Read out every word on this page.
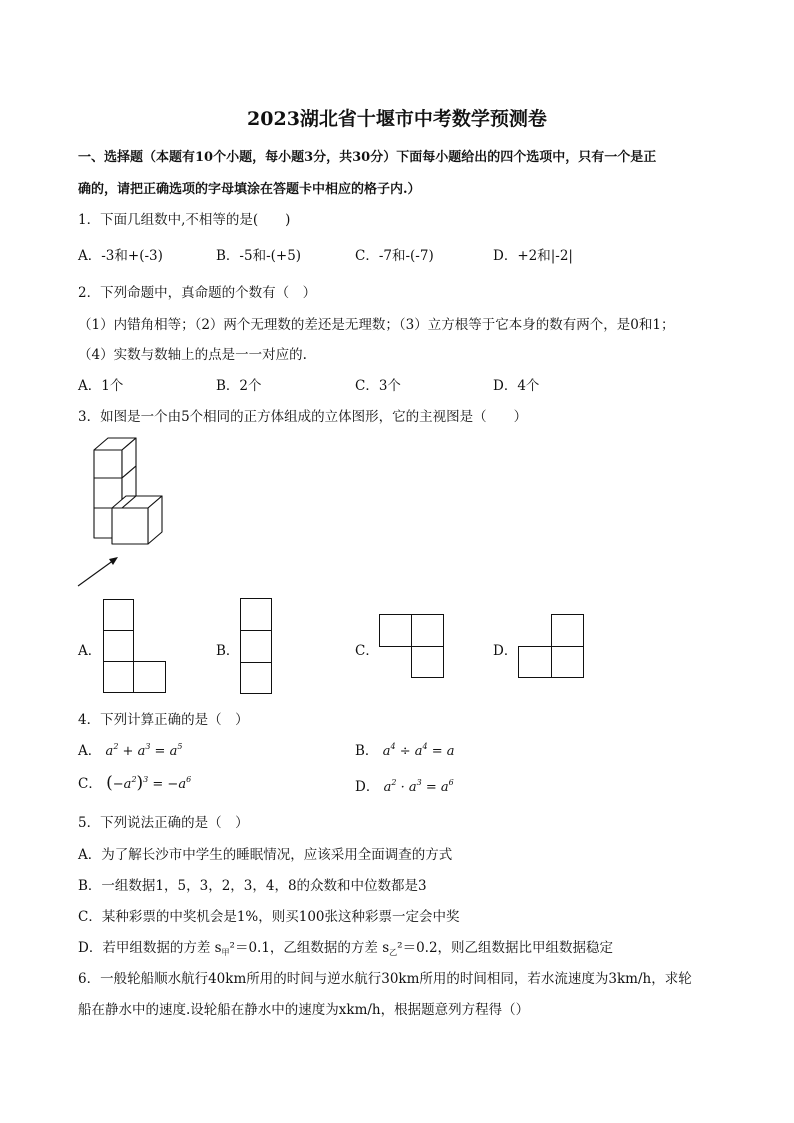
2023湖北省十堰市中考数学预测卷
一、选择题（本题有10个小题，每小题3分，共30分）下面每小题给出的四个选项中，只有一个是正
确的，请把正确选项的字母填涂在答题卡中相应的格子内.）
1．下面几组数中,不相等的是(　　)
A．-3和+(-3)	B．-5和-(+5)	C．-7和-(-7)	D．+2和|-2|
2．下列命题中，真命题的个数有（　）
（1）内错角相等；（2）两个无理数的差还是无理数；（3）立方根等于它本身的数有两个，是0和1；
（4）实数与数轴上的点是一一对应的.
A．1个	B．2个	C．3个	D．4个
3．如图是一个由5个相同的正方体组成的立体图形，它的主视图是（　　）
A．	B．	C．	D．
4．下列计算正确的是（　）
A． $a^2 + a^3 = a^5$	B． $a^4 \div a^4 = a$
C． $(-a^2)^3 = -a^6$	D． $a^2 \cdot a^3 = a^6$
5．下列说法正确的是（　）
A．为了解长沙市中学生的睡眠情况，应该采用全面调查的方式
B．一组数据1，5，3，2，3，4，8的众数和中位数都是3
C．某种彩票的中奖机会是1%，则买100张这种彩票一定会中奖
D．若甲组数据的方差 $s_甲^2=0.1$，乙组数据的方差 $s_乙^2=0.2$，则乙组数据比甲组数据稳定
6．一般轮船顺水航行40km所用的时间与逆水航行30km所用的时间相同，若水流速度为3km/h，求轮
船在静水中的速度.设轮船在静水中的速度为xkm/h，根据题意列方程得（）
